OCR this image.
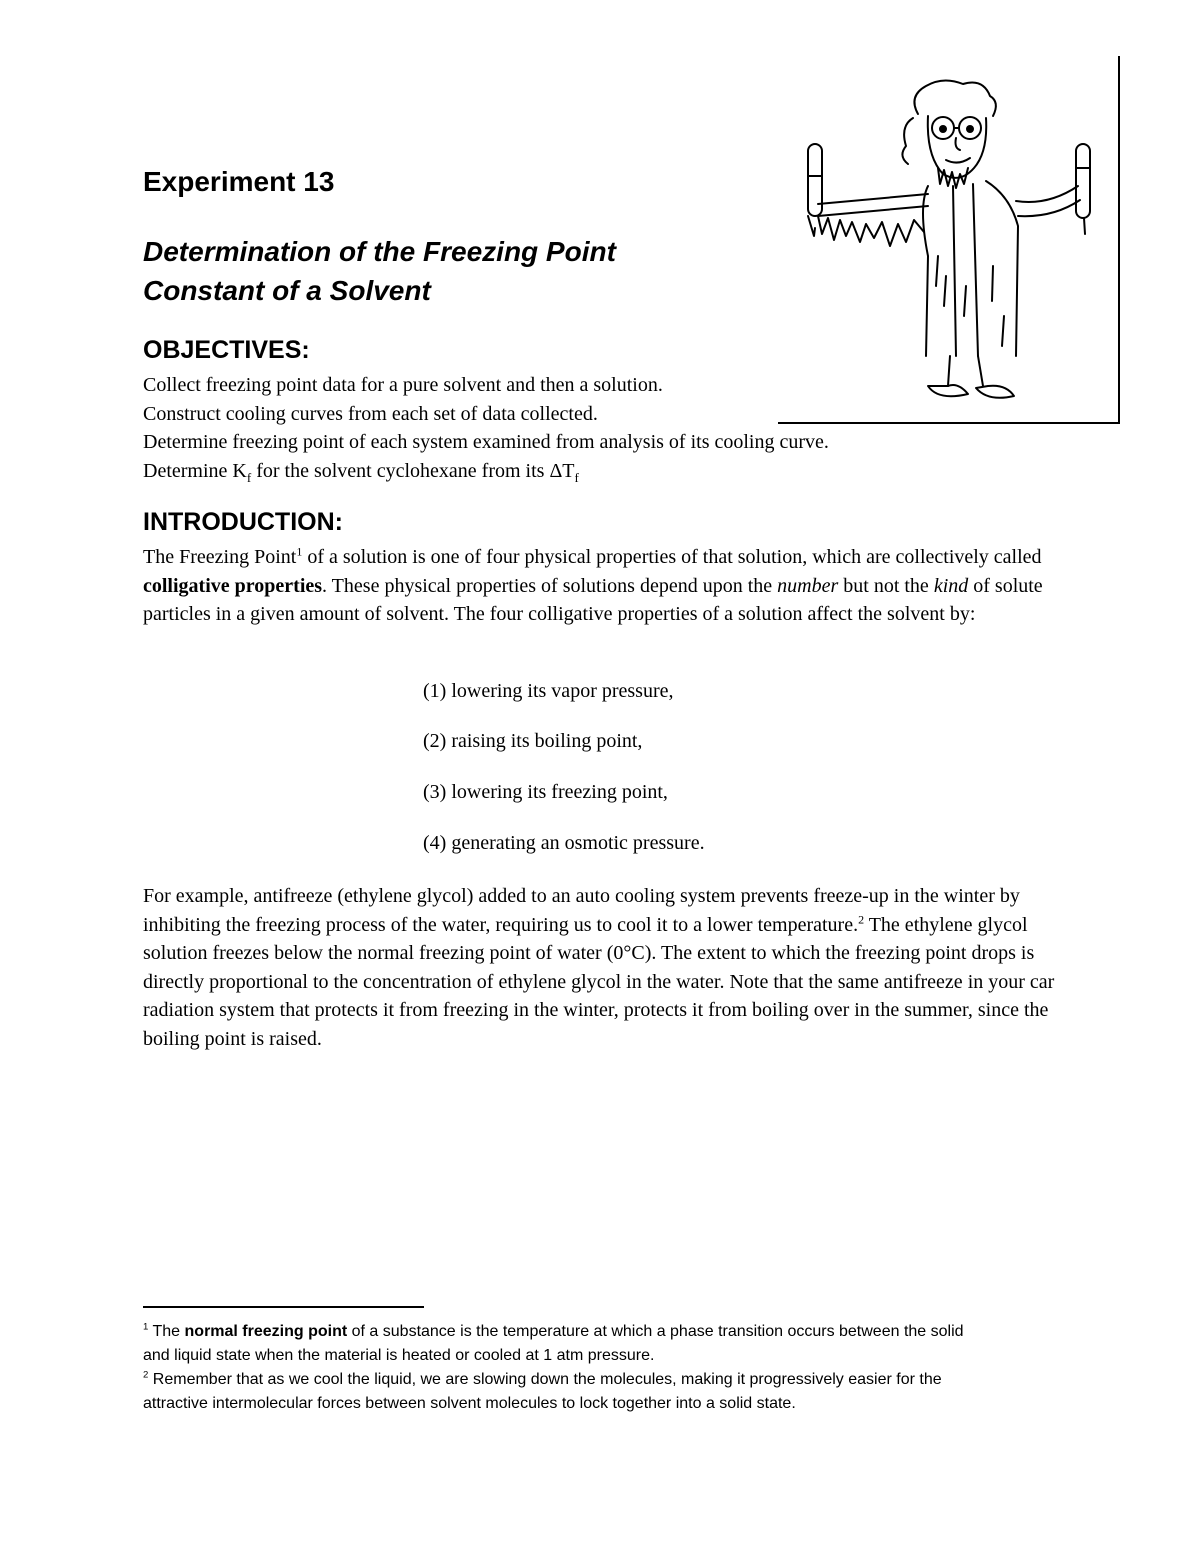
Experiment 13
Determination of the Freezing Point
Constant of a Solvent
OBJECTIVES:
Collect freezing point data for a pure solvent and then a solution.
Construct cooling curves from each set of data collected.
Determine freezing point of each system examined from analysis of its cooling curve.
Determine $K_f$ for the solvent cyclohexane from its $\Delta T_f$
INTRODUCTION:
The Freezing Point$^1$ of a solution is one of four physical properties of that solution, which are collectively called colligative properties. These physical properties of solutions depend upon the number but not the kind of solute particles in a given amount of solvent. The four colligative properties of a solution affect the solvent by:
(1) lowering its vapor pressure,
(2) raising its boiling point,
(3) lowering its freezing point,
(4) generating an osmotic pressure.
For example, antifreeze (ethylene glycol) added to an auto cooling system prevents freeze-up in the winter by inhibiting the freezing process of the water, requiring us to cool it to a lower temperature.$^2$ The ethylene glycol solution freezes below the normal freezing point of water (0°C). The extent to which the freezing point drops is directly proportional to the concentration of ethylene glycol in the water. Note that the same antifreeze in your car radiation system that protects it from freezing in the winter, protects it from boiling over in the summer, since the boiling point is raised.
$^1$ The normal freezing point of a substance is the temperature at which a phase transition occurs between the solid
and liquid state when the material is heated or cooled at 1 atm pressure.
$^2$ Remember that as we cool the liquid, we are slowing down the molecules, making it progressively easier for the
attractive intermolecular forces between solvent molecules to lock together into a solid state.
